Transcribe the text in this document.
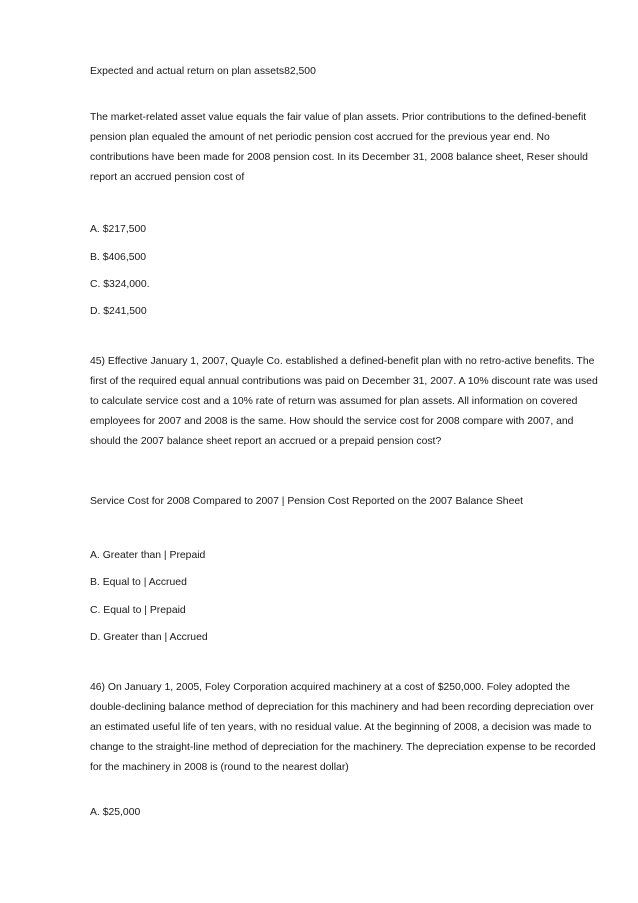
Expected and actual return on plan assets82,500

The market-related asset value equals the fair value of plan assets. Prior contributions to the defined-benefit pension plan equaled the amount of net periodic pension cost accrued for the previous year end. No contributions have been made for 2008 pension cost. In its December 31, 2008 balance sheet, Reser should report an accrued pension cost of

A. $217,500

B. $406,500

C. $324,000.

D. $241,500

45) Effective January 1, 2007, Quayle Co. established a defined-benefit plan with no retro-active benefits. The first of the required equal annual contributions was paid on December 31, 2007. A 10% discount rate was used to calculate service cost and a 10% rate of return was assumed for plan assets. All information on covered employees for 2007 and 2008 is the same. How should the service cost for 2008 compare with 2007, and should the 2007 balance sheet report an accrued or a prepaid pension cost?

Service Cost for 2008 Compared to 2007 | Pension Cost Reported on the 2007 Balance Sheet

A. Greater than | Prepaid

B. Equal to | Accrued

C. Equal to | Prepaid

D. Greater than | Accrued

46) On January 1, 2005, Foley Corporation acquired machinery at a cost of $250,000. Foley adopted the double-declining balance method of depreciation for this machinery and had been recording depreciation over an estimated useful life of ten years, with no residual value. At the beginning of 2008, a decision was made to change to the straight-line method of depreciation for the machinery. The depreciation expense to be recorded for the machinery in 2008 is (round to the nearest dollar)

A. $25,000
